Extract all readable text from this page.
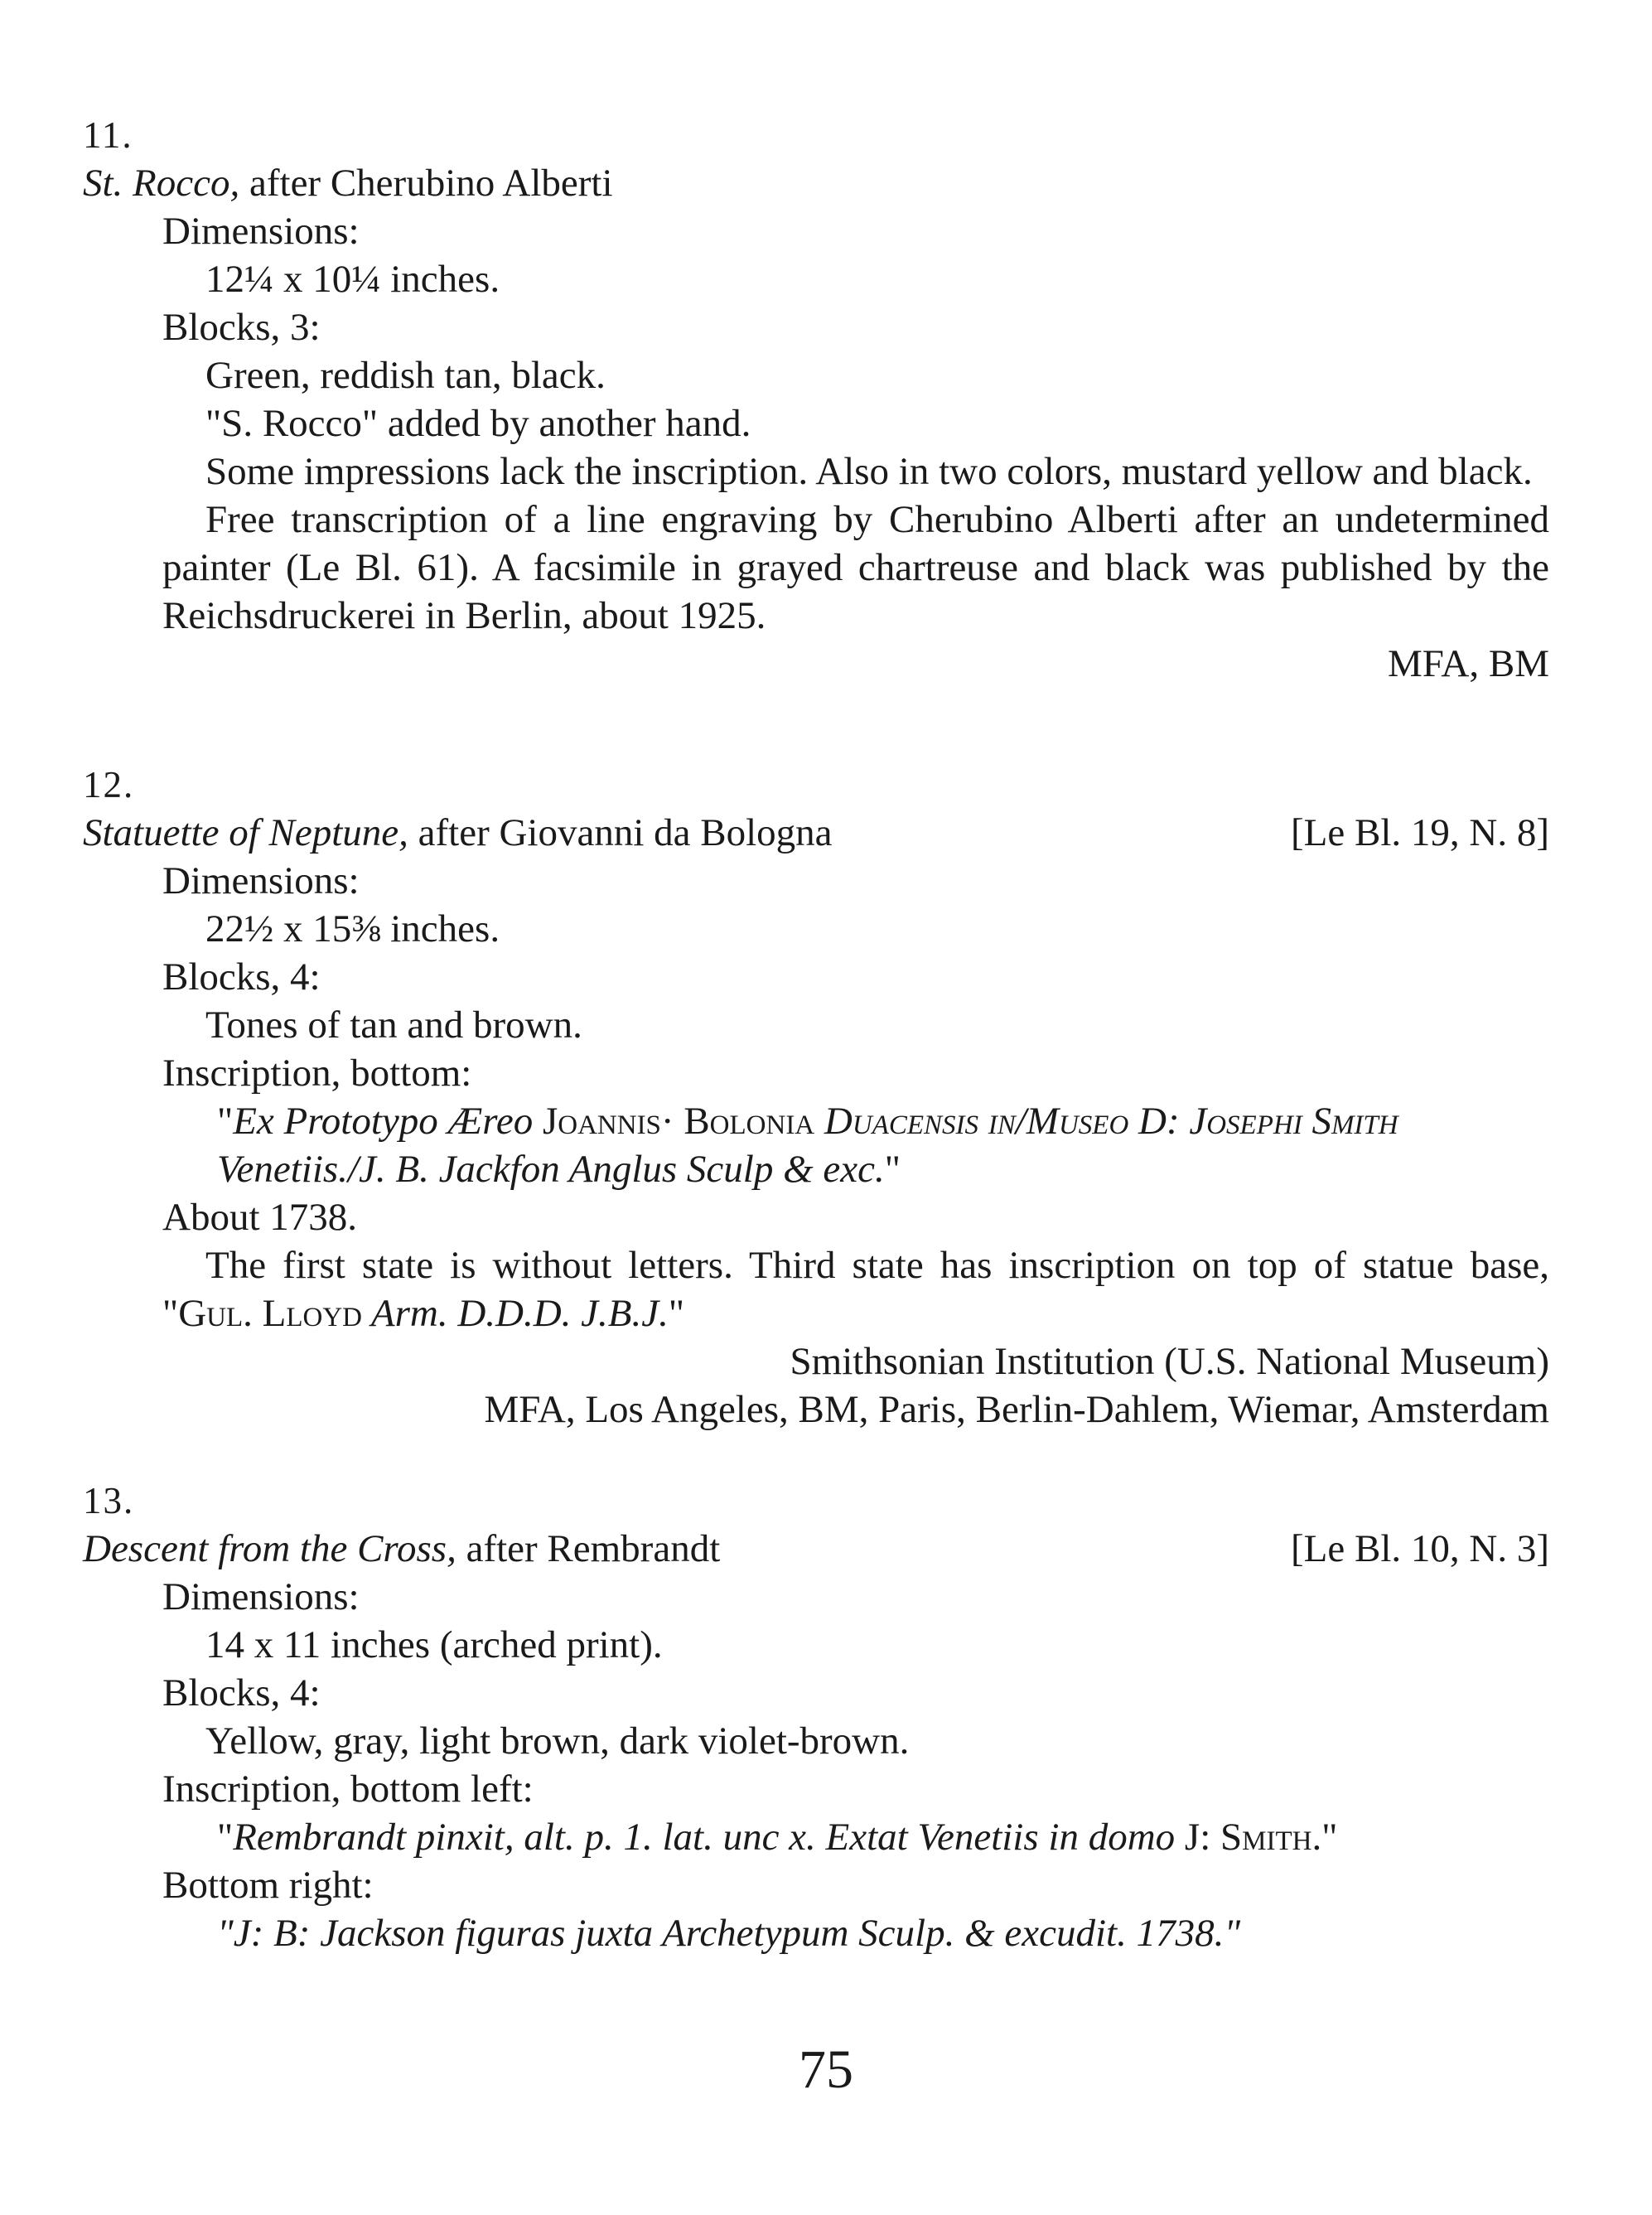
11.
St. Rocco, after Cherubino Alberti
Dimensions:
12¼ x 10¼ inches.
Blocks, 3:
Green, reddish tan, black.
"S. Rocco" added by another hand.
Some impressions lack the inscription. Also in two colors, mustard yellow and black.
Free transcription of a line engraving by Cherubino Alberti after an undetermined painter (Le Bl. 61). A facsimile in grayed chartreuse and black was published by the Reichsdruckerei in Berlin, about 1925.
MFA, BM
12.
Statuette of Neptune, after Giovanni da Bologna	[Le Bl. 19, N. 8]
Dimensions:
22½ x 15⅜ inches.
Blocks, 4:
Tones of tan and brown.
Inscription, bottom:
"Ex Prototypo Ӕreo Joannis· Bolonia Duacensis in/Museo D: Josephi Smith
Venetiis./J. B. Jackfon Anglus Sculp & exc."
About 1738.
The first state is without letters. Third state has inscription on top of statue base, "Gul. Lloyd Arm. D.D.D. J.B.J."
Smithsonian Institution (U.S. National Museum)
MFA, Los Angeles, BM, Paris, Berlin-Dahlem, Wiemar, Amsterdam
13.
Descent from the Cross, after Rembrandt	[Le Bl. 10, N. 3]
Dimensions:
14 x 11 inches (arched print).
Blocks, 4:
Yellow, gray, light brown, dark violet-brown.
Inscription, bottom left:
"Rembrandt pinxit, alt. p. 1. lat. unc x. Extat Venetiis in domo J: Smith."
Bottom right:
"J: B: Jackson figuras juxta Archetypum Sculp. & excudit. 1738."
75
